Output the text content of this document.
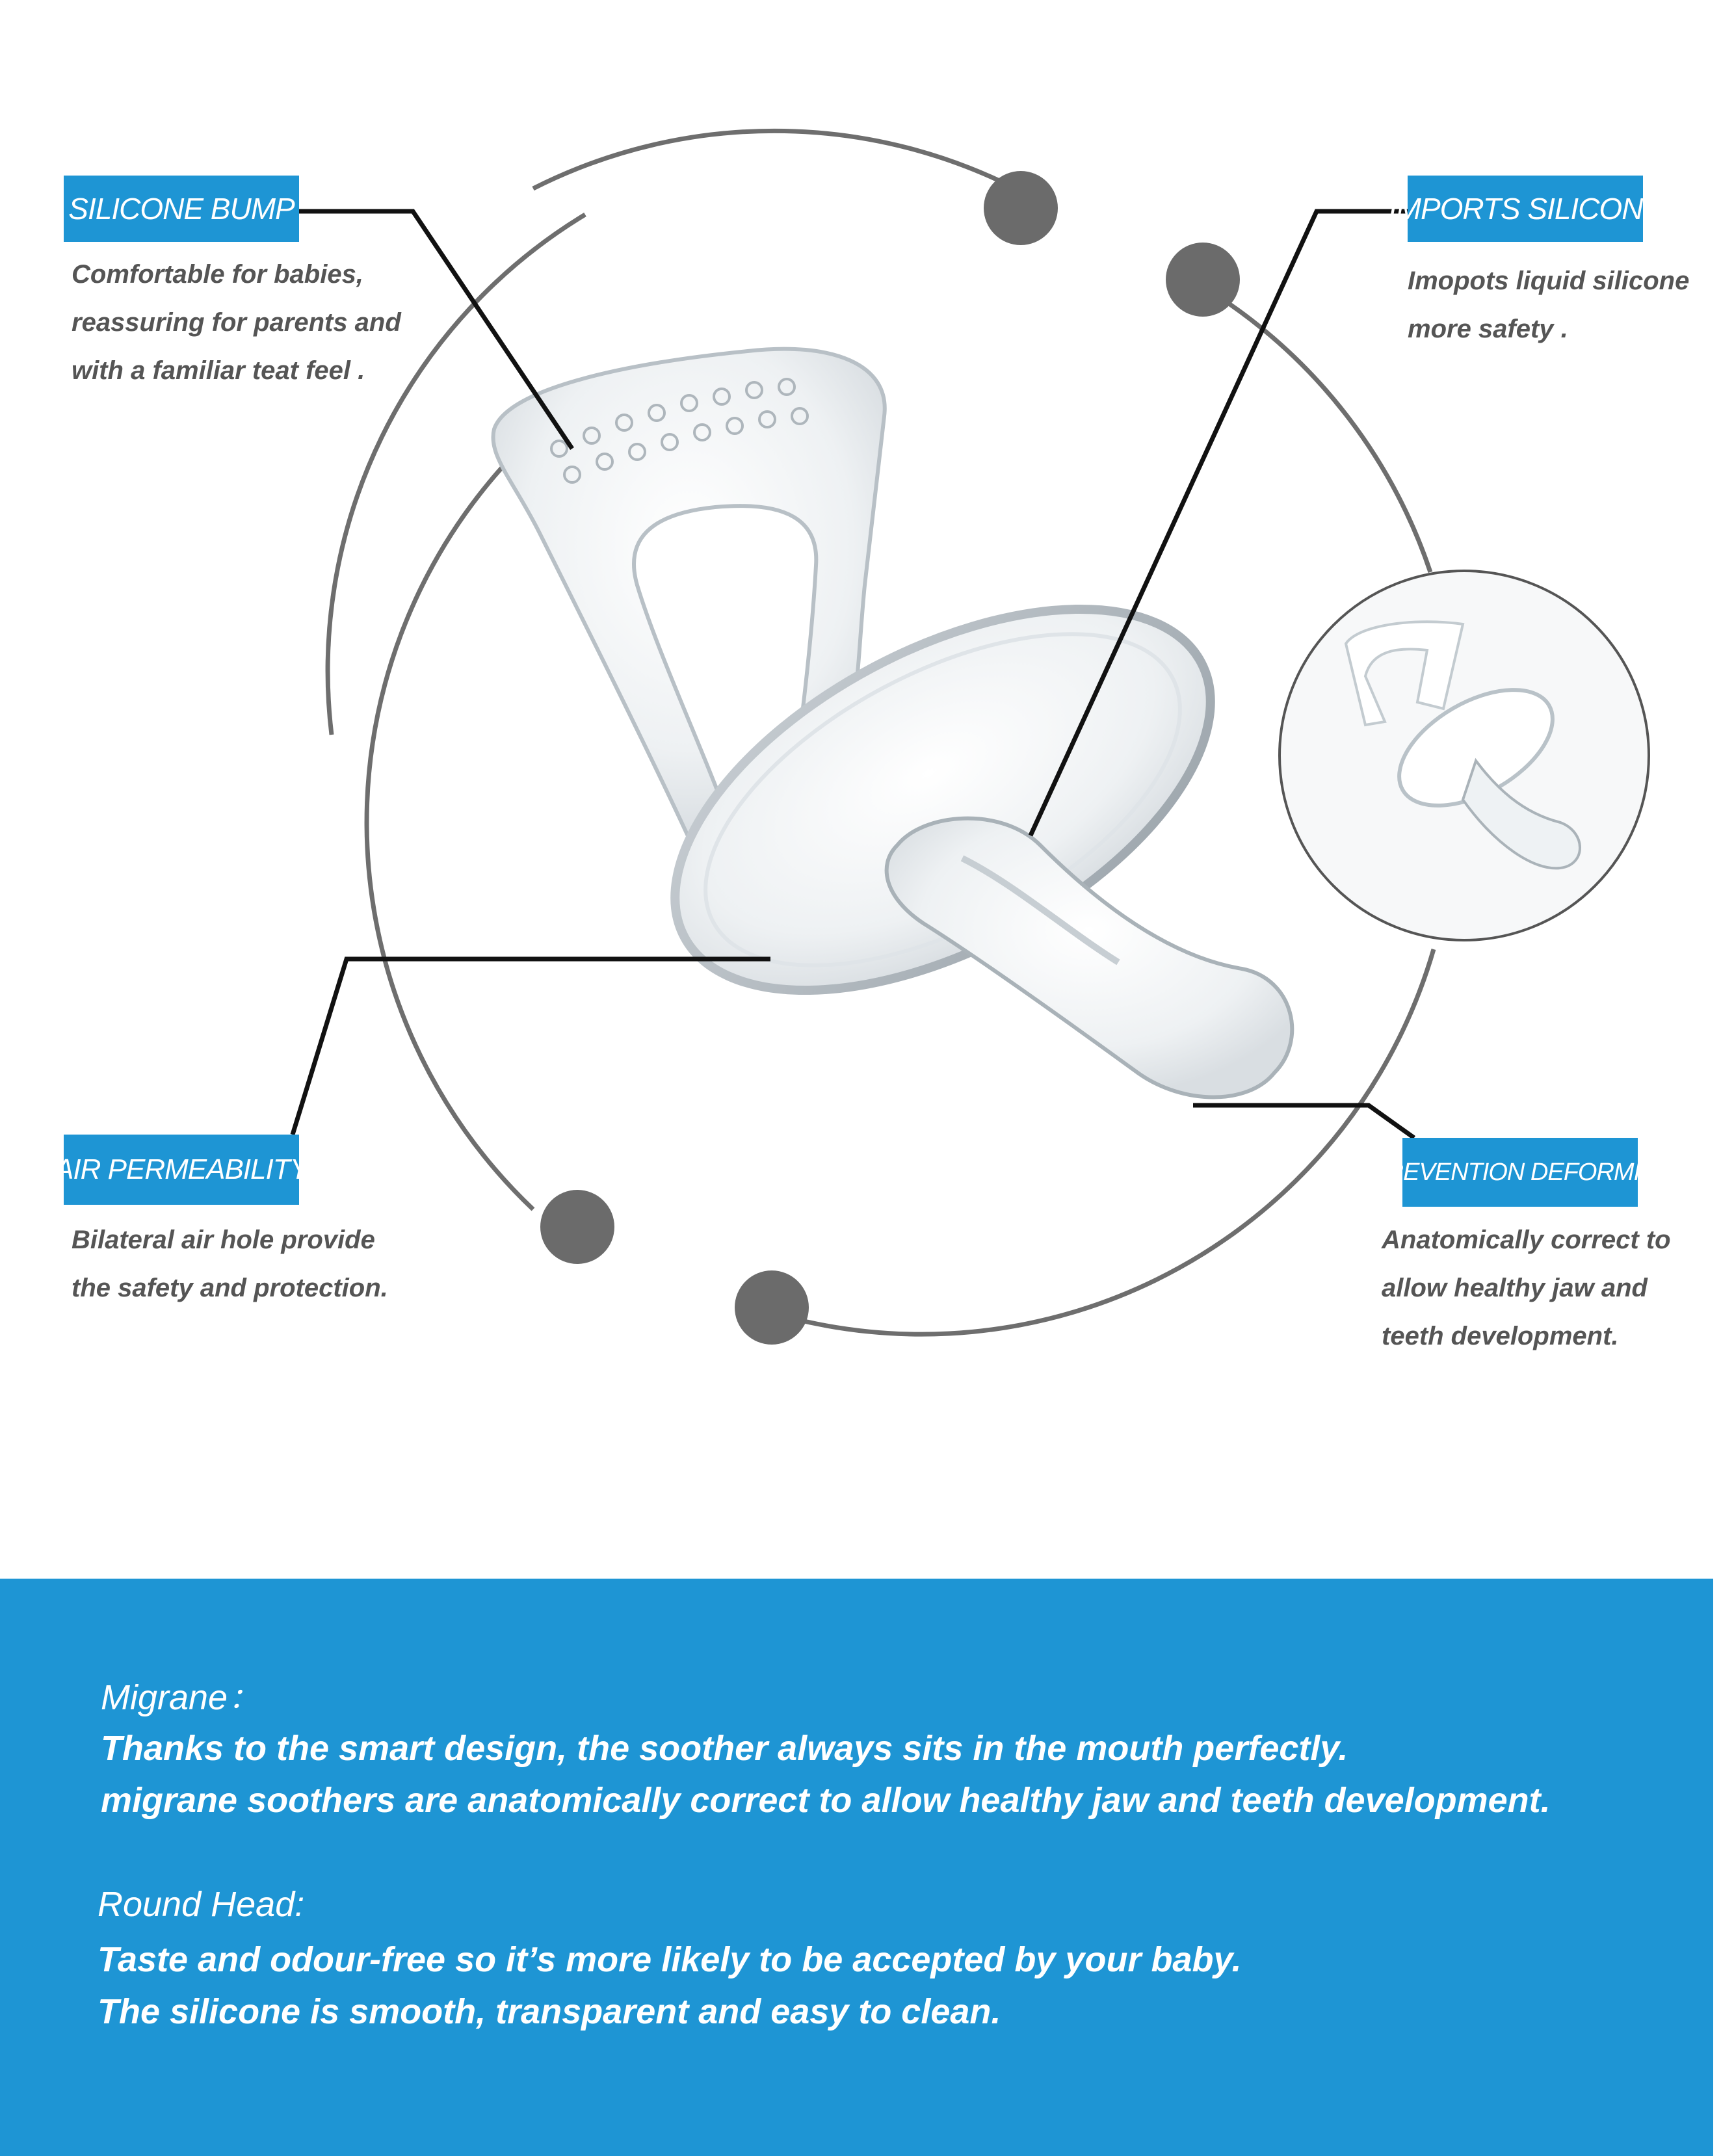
SILICONE BUMP	IMPORTS SILICONE
AIR PERMEABILITY	PREVENTION DEFORMITY
Comfortable for babies,
reassuring for parents and
with a familiar teat feel .
Imopots liquid silicone
more safety .
Bilateral air hole provide
the safety and protection.
Anatomically correct to
allow healthy jaw and
teeth development.
Migrane：
Thanks to the smart design, the soother always sits in the mouth perfectly.
migrane soothers are anatomically correct to allow healthy jaw and teeth development.
Round Head:
Taste and odour-free so it’s more likely to be accepted by your baby.
The silicone is smooth, transparent and easy to clean.
